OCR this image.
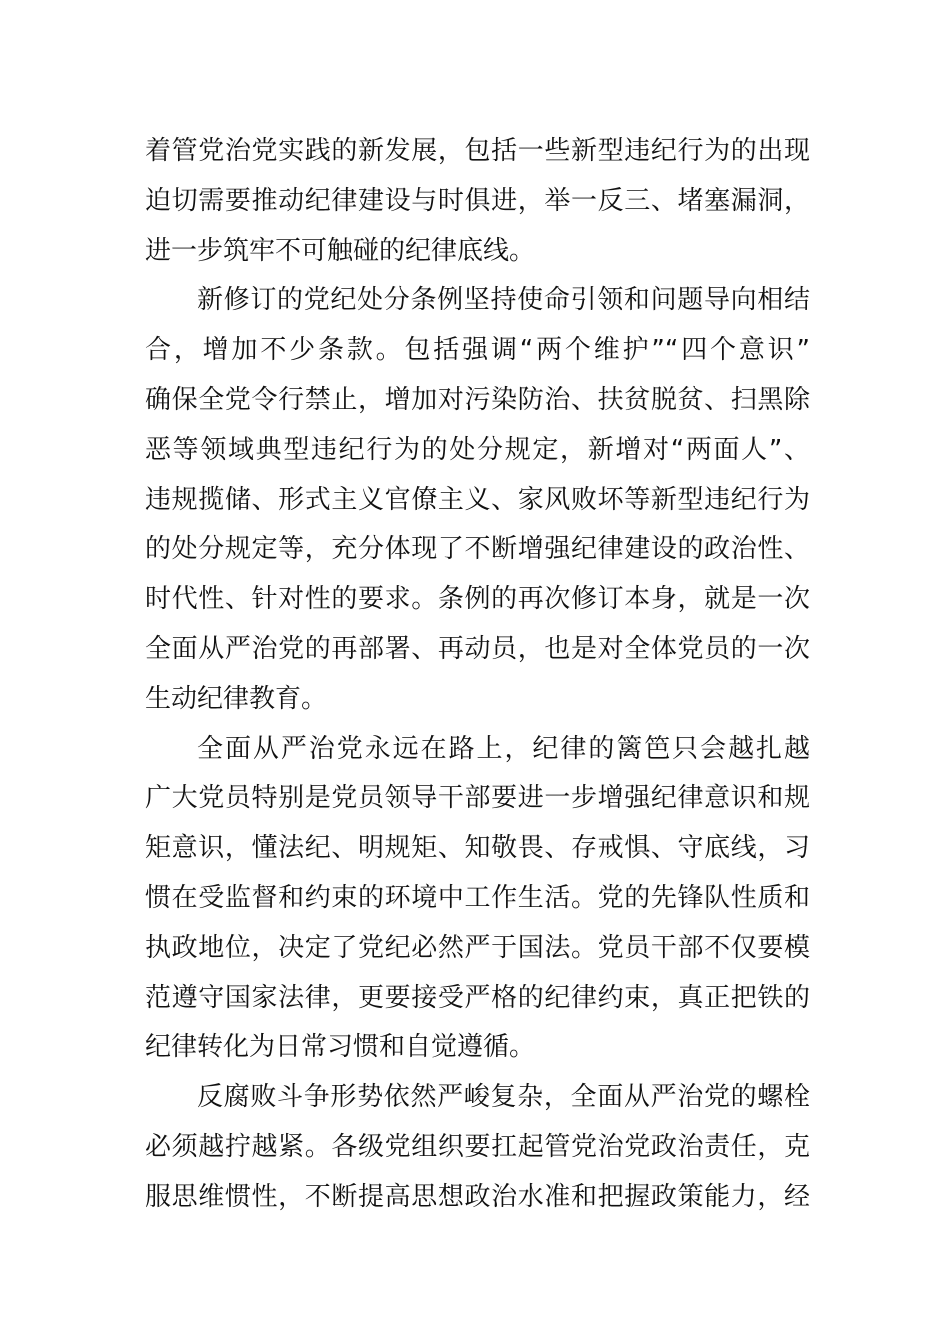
着管党治党实践的新发展，包括一些新型违纪行为的出现
迫切需要推动纪律建设与时俱进，举一反三、堵塞漏洞，
进一步筑牢不可触碰的纪律底线。
新修订的党纪处分条例坚持使命引领和问题导向相结
合，增加不少条款。包括强调“两个维护”“四个意识”
确保全党令行禁止，增加对污染防治、扶贫脱贫、扫黑除
恶等领域典型违纪行为的处分规定，新增对“两面人”、
违规揽储、形式主义官僚主义、家风败坏等新型违纪行为
的处分规定等，充分体现了不断增强纪律建设的政治性、
时代性、针对性的要求。条例的再次修订本身，就是一次
全面从严治党的再部署、再动员，也是对全体党员的一次
生动纪律教育。
全面从严治党永远在路上，纪律的篱笆只会越扎越
广大党员特别是党员领导干部要进一步增强纪律意识和规
矩意识，懂法纪、明规矩、知敬畏、存戒惧、守底线，习
惯在受监督和约束的环境中工作生活。党的先锋队性质和
执政地位，决定了党纪必然严于国法。党员干部不仅要模
范遵守国家法律，更要接受严格的纪律约束，真正把铁的
纪律转化为日常习惯和自觉遵循。
反腐败斗争形势依然严峻复杂，全面从严治党的螺栓
必须越拧越紧。各级党组织要扛起管党治党政治责任，克
服思维惯性，不断提高思想政治水准和把握政策能力，经
